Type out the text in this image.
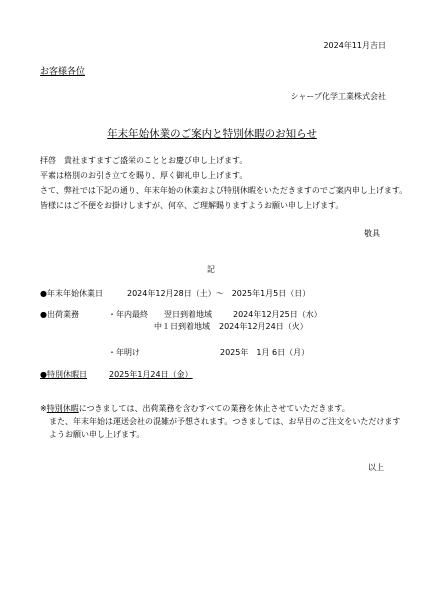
2024年11月吉日
お客様各位
シャープ化学工業株式会社
年末年始休業のご案内と特別休暇のお知らせ
拝啓　貴社ますますご盛栄のこととお慶び申し上げます。
平素は格別のお引き立てを賜り、厚く御礼申し上げます。
さて、弊社では下記の通り、年末年始の休業および特別休暇をいただきますのでご案内申し上げます。
皆様にはご不便をお掛けしますが、何卒、ご理解賜りますようお願い申し上げます。
敬具
記
●年末年始休業日	2024年12月28日（土）～　2025年1月5日（日）
●出荷業務	・年内最終 翌日到着地域	2024年12月25日（水）
中１日到着地域 2024年12月24日（火）
・年明け	2025年　1月 6日（月）
●特別休暇日	2025年1月24日（金）
※特別休暇につきましては、出荷業務を含むすべての業務を休止させていただきます。
また、年末年始は運送会社の混雑が予想されます。つきましては、お早目のご注文をいただけます
ようお願い申し上げます。
以上
